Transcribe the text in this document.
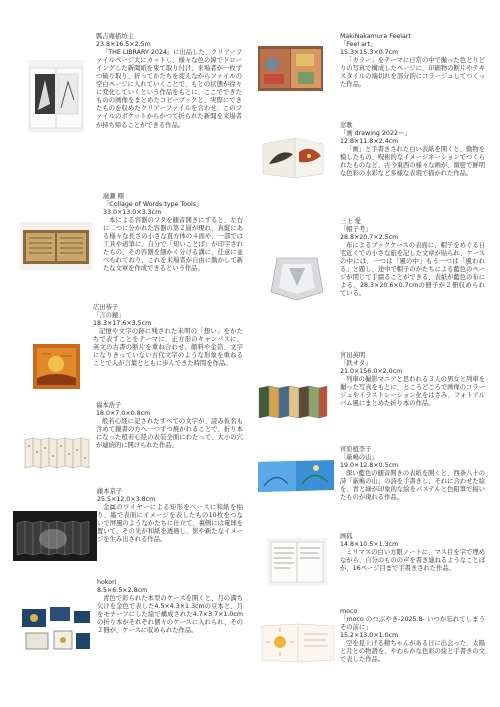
瓢吉庵描坊主
23.8×16.5×2.5m
「THE LIBRARY 2024」に出品した、クリアーファイルページ大にカットし、様々な色の線でドローイングした新聞紙を束て取り付け、来場者が一枚ずつ破り取り、折ってかたちを変えながらファイルの空白ページに入れていくことで、もとの状態が徐々に変化していくという作品をもとに、ここでできたものの画像をまとめたコピーブックと、実際にできたものを収めたクリアーファイルを合わせ、このファイルのポケットからかつて折られた新聞を来場者が持ち帰ることができる作品。
廣瀬 剛
「Collage of Words:type Tools」
33.0×13.0×3.3cm
本による容器のフタを観音開きにすると、左右に二つに分かれた容器の第２層が現れ、真縦にある様々な長さの小さな直方体の４面や、一部では工具や道筆に、自分で「知いことば」が印字されたもの、その容器を細かく分ける溝に、任意に並べられており、これを来場者が自由に動かして新たな文章を作成できるという作品。
広田恭子
「言の鏡」
18.3×17.6×3.5cm
記憶や文字の跡に残された未明の「想い」をかたちで表すことをテーマに、正方形のキャンバスに、英文の古書の断片を重ね合わせ、顔料や金箔、文字になりきっていない古代文字のような形象を重ねることで人が言葉とともに歩んできた時間を作品。
福本浩子
18.0×7.0×0.8cm
般若心経に記されたすべての文字が、読み仮名も含めて鏡書の方へ一つずつ焼かれることで、折り本になった般若心経の表装全面にわたって、大小の穴が連続的に開けられた作品。
藤本京子
25.5×12.0×3.8cm
金属のワイヤーによる矩形をベースに和紙を貼り、墨で表面にイメージを表したもの10枚をつないで屏風のようなかたちに仕立て、裏側には電球を置いて、その光が和紙を透過し、影や新たなイメージを生み出される作品。
hokori
8.5×6.5×2.8cm
青色で彩られた本型のケースを開くと、月の満ち欠けを金色で表した4.5×4.3×1.3cmの豆本と、月をモチーフにした絵で構成された4.7×3.7×1.0cmの折り本がそれぞれ個々のケースに入れられ、その２冊が、ケースに収められた作品。
MakiNakamura Feelart
「Feel art」
15.3×15.3×0.7cm
「カラー」をテーマに日常の中で撮った色とりどりの写真で構成したページに、印刷物の断片やテキスタイルの端切れを部分的にコラージュしてつくった作品。
窓歌
「画 drawing 2022〜」
12.8×11.8×2.4cm
「画」と手書きされた白い表紙を開くと、動物を模したもの、呪術的なイメージネーションでつくられたものなど、古今東西の様々な画が、緻密で鮮明な色彩の水彩など多様な表現で描かれた作品。
三上 愛
「帽子考」
28.8×20.7×2.5cm
布によるブックケースの表面に、帽子をめぐる自宅近くでの小さな旅を記した文章が貼られ、ケースの中には、一つは「風の中」もう一つは「風われる」と題し、途中で帽子のかたちによる藍色のページが閉じて手綴ることができる、表紙が藍色の布による、28.3×20.6×0.7cmの冊子が２冊収められている。
宮田英明
「鉄オタ」
21.0×156.0×2.0cm
列車の撮影マニアと思われる３人の男女と列車を撮った写真をもとに、ところどころで画像のコラージュやイラストレーション化をはさみ、フォトアルバム風にまとめた折り本の作品。
宮原植李子
「厳嶋の山」
19.0×12.8×0.5cm
深い藍色の観音開きの表紙を開くと、西条八十の詩「厳嶋の山」の詩を手書きし、それに合わせた絵を、青と緑が印象的な絵をパステルと色鉛筆で描いたものが現れる作品。
画狐
14.8×10.5×1.3cm
ミリマスの白い方眼ノートに、マス目を字で埋めながら、自分のものの声を書き連ねるようなことばが、16ページ目まで手書きされた作品。
moco
「moco のつぶやき-2025.8- いつか忘れてしまうその前に」
15.2×13.0×1.0cm
空を見上げる精ちゃんがある日に出会った、太陽と月との物語を、やわらかな色彩の絵と手書きの文で表した作品。
